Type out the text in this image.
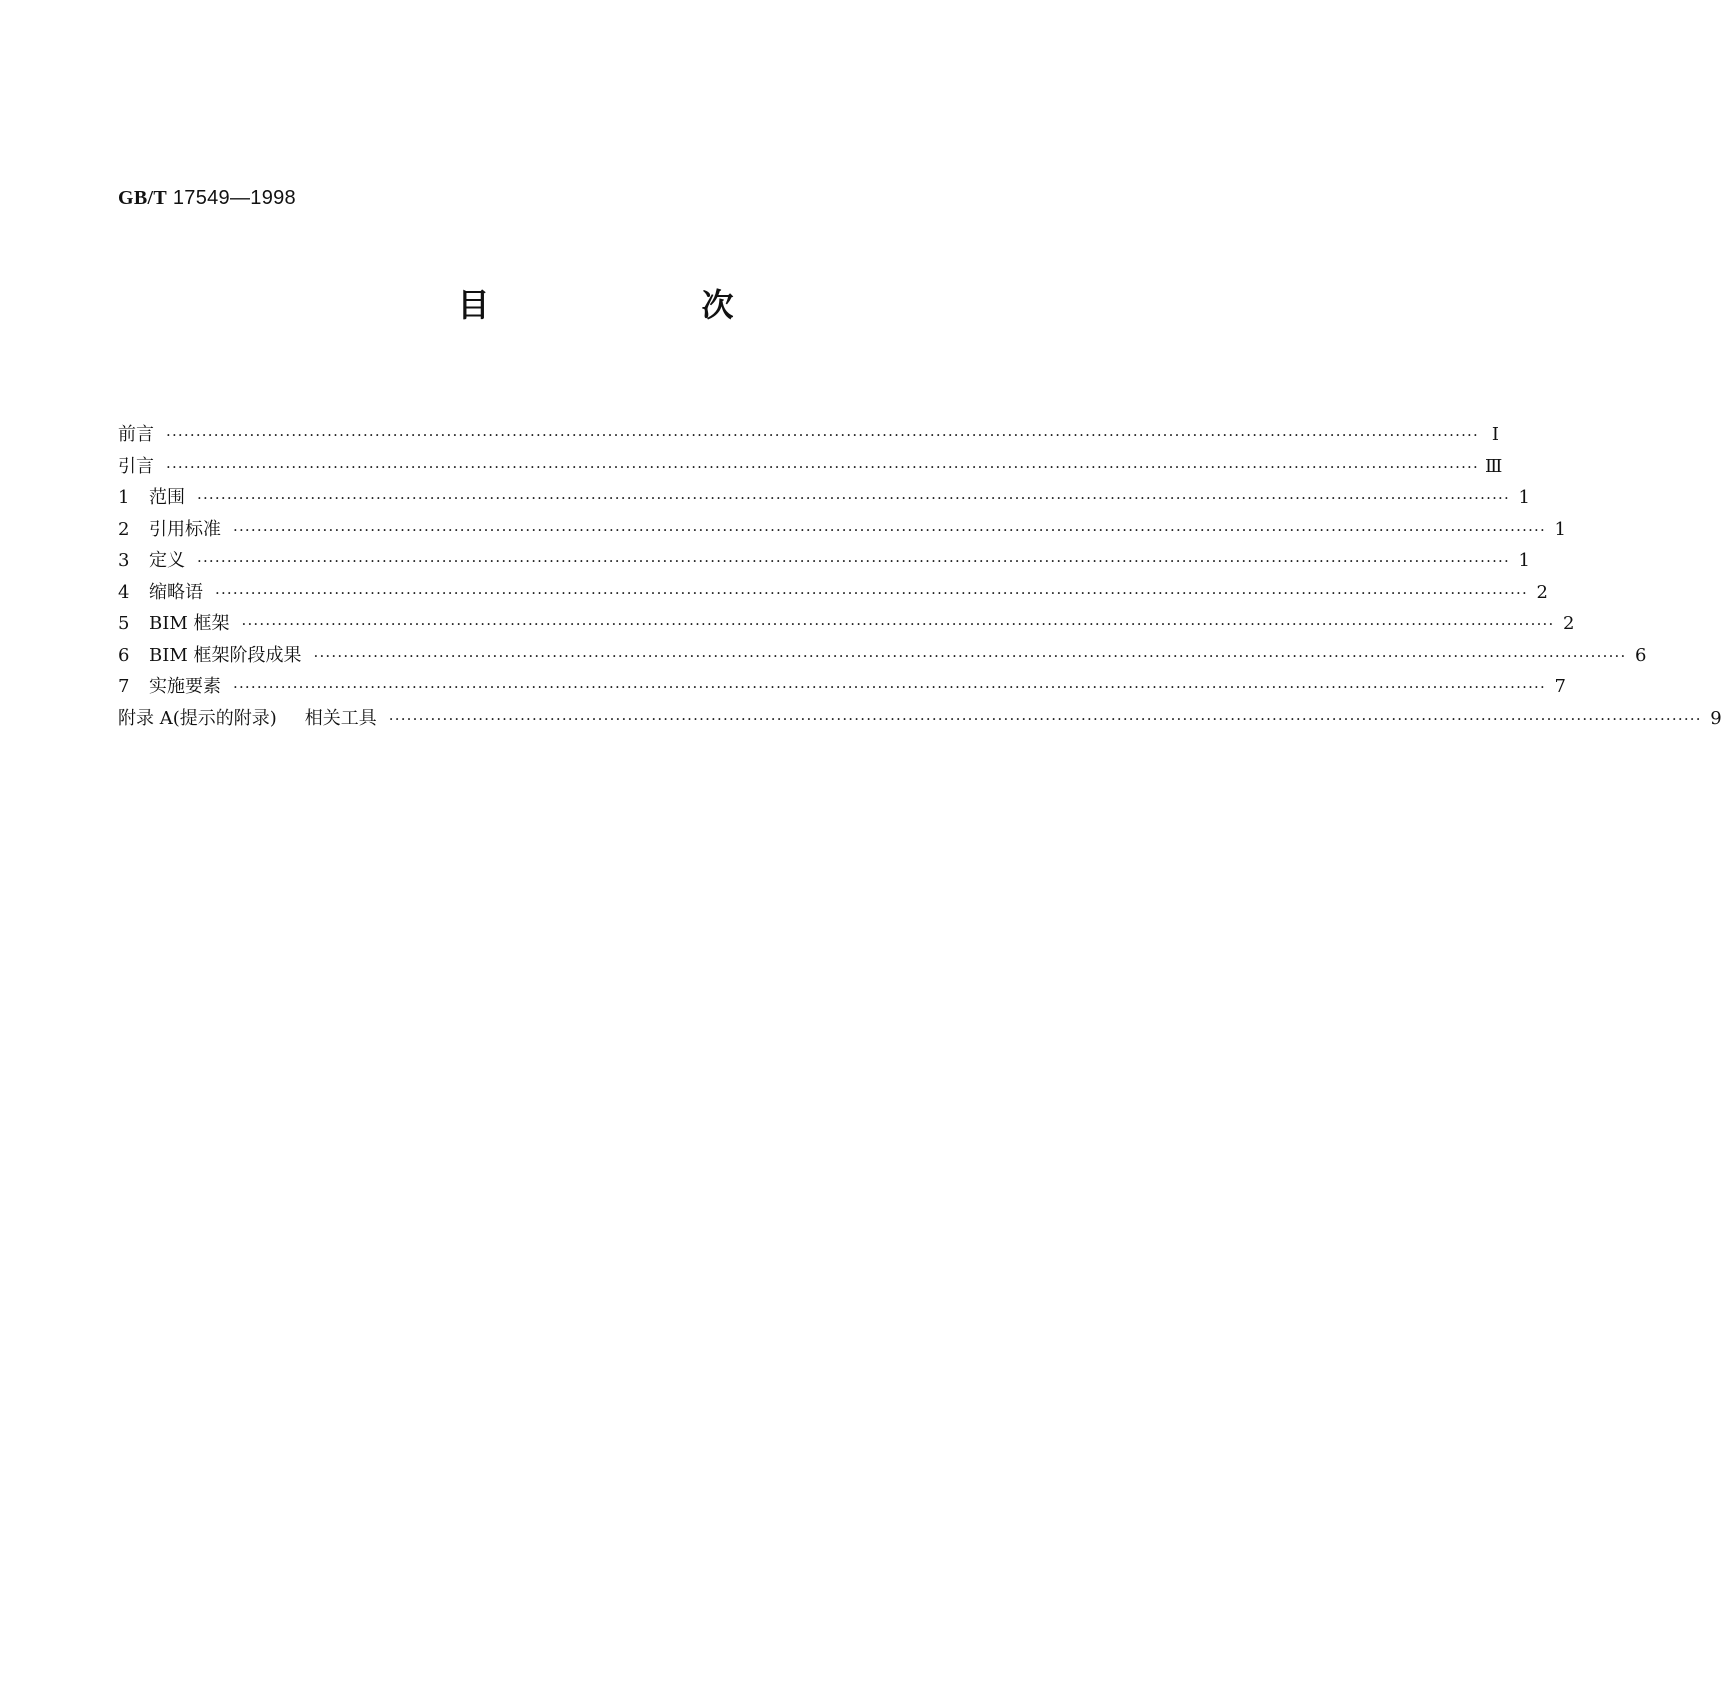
GB/T 17549—1998
目　次
前言 ···························································································································································································································· Ⅰ
引言 ···························································································································································································································· Ⅲ
1	范围 ···························································································································································································································· 1
2	引用标准 ···························································································································································································································· 1
3	定义 ···························································································································································································································· 1
4	缩略语 ···························································································································································································································· 2
5	BIM 框架 ···························································································································································································································· 2
6	BIM 框架阶段成果 ···························································································································································································································· 6
7	实施要素 ···························································································································································································································· 7
附录 A(提示的附录) 相关工具 ···························································································································································································································· 9
